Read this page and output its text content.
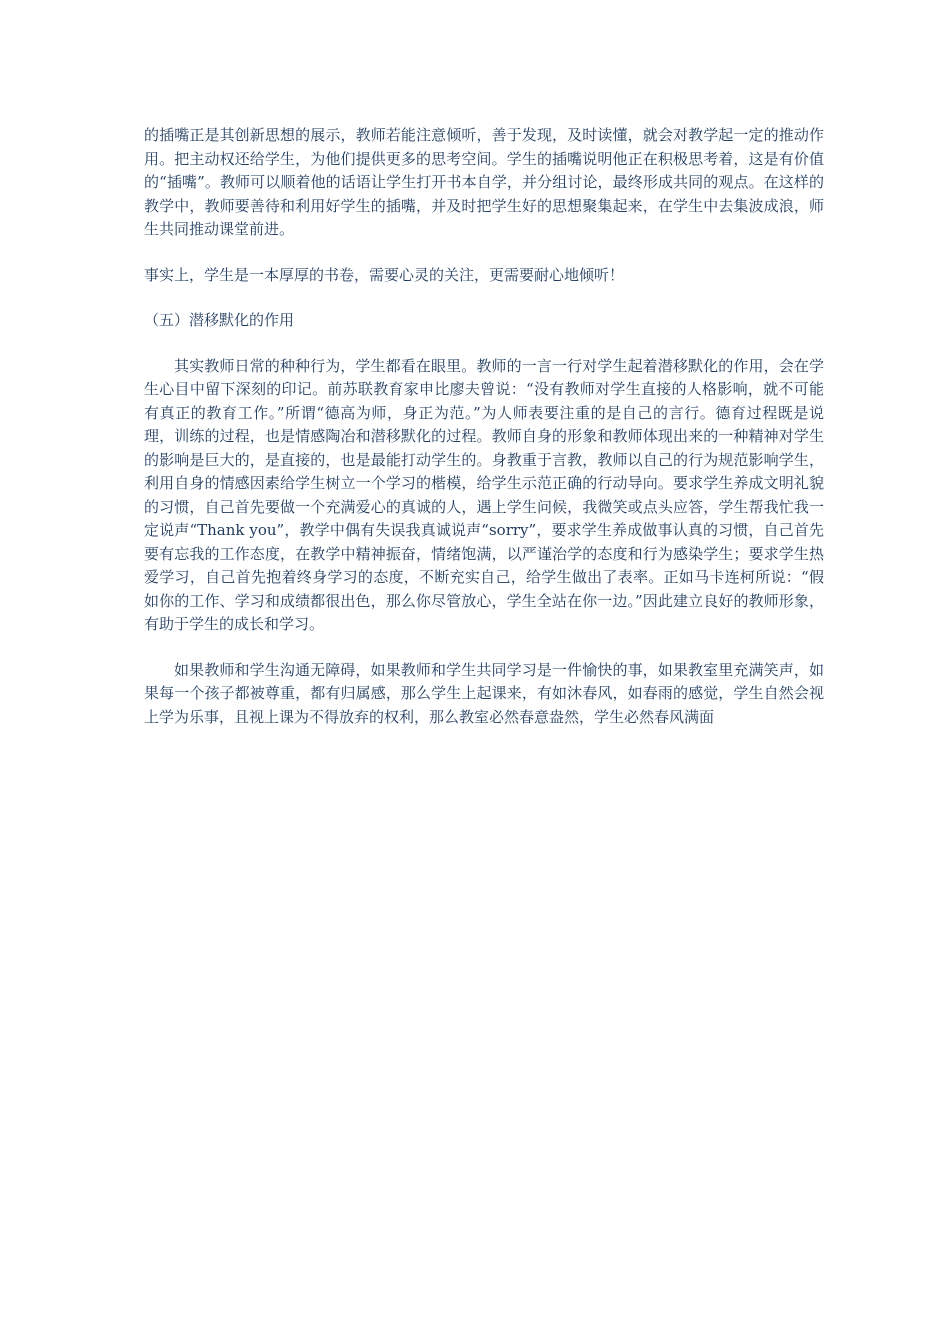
的插嘴正是其创新思想的展示，教师若能注意倾听，善于发现，及时读懂，就会对教学起一定的推动作用。把主动权还给学生，为他们提供更多的思考空间。学生的插嘴说明他正在积极思考着，这是有价值的“插嘴”。教师可以顺着他的话语让学生打开书本自学，并分组讨论，最终形成共同的观点。在这样的教学中，教师要善待和利用好学生的插嘴，并及时把学生好的思想聚集起来，在学生中去集波成浪，师生共同推动课堂前进。

事实上，学生是一本厚厚的书卷，需要心灵的关注，更需要耐心地倾听！

（五）潜移默化的作用

其实教师日常的种种行为，学生都看在眼里。教师的一言一行对学生起着潜移默化的作用，会在学生心目中留下深刻的印记。前苏联教育家申比廖夫曾说：“没有教师对学生直接的人格影响，就不可能有真正的教育工作。”所谓“德高为师，身正为范。”为人师表要注重的是自己的言行。德育过程既是说理，训练的过程，也是情感陶冶和潜移默化的过程。教师自身的形象和教师体现出来的一种精神对学生的影响是巨大的，是直接的，也是最能打动学生的。身教重于言教，教师以自己的行为规范影响学生，利用自身的情感因素给学生树立一个学习的楷模，给学生示范正确的行动导向。要求学生养成文明礼貌的习惯，自己首先要做一个充满爱心的真诚的人，遇上学生问候，我微笑或点头应答，学生帮我忙我一定说声“Thank you”，教学中偶有失误我真诚说声“sorry”，要求学生养成做事认真的习惯，自己首先要有忘我的工作态度，在教学中精神振奋，情绪饱满，以严谨治学的态度和行为感染学生；要求学生热爱学习，自己首先抱着终身学习的态度，不断充实自己，给学生做出了表率。正如马卡连柯所说：“假如你的工作、学习和成绩都很出色，那么你尽管放心，学生全站在你一边。”因此建立良好的教师形象，有助于学生的成长和学习。

如果教师和学生沟通无障碍，如果教师和学生共同学习是一件愉快的事，如果教室里充满笑声，如果每一个孩子都被尊重，都有归属感，那么学生上起课来，有如沐春风，如春雨的感觉，学生自然会视上学为乐事，且视上课为不得放弃的权利，那么教室必然春意盎然，学生必然春风满面
